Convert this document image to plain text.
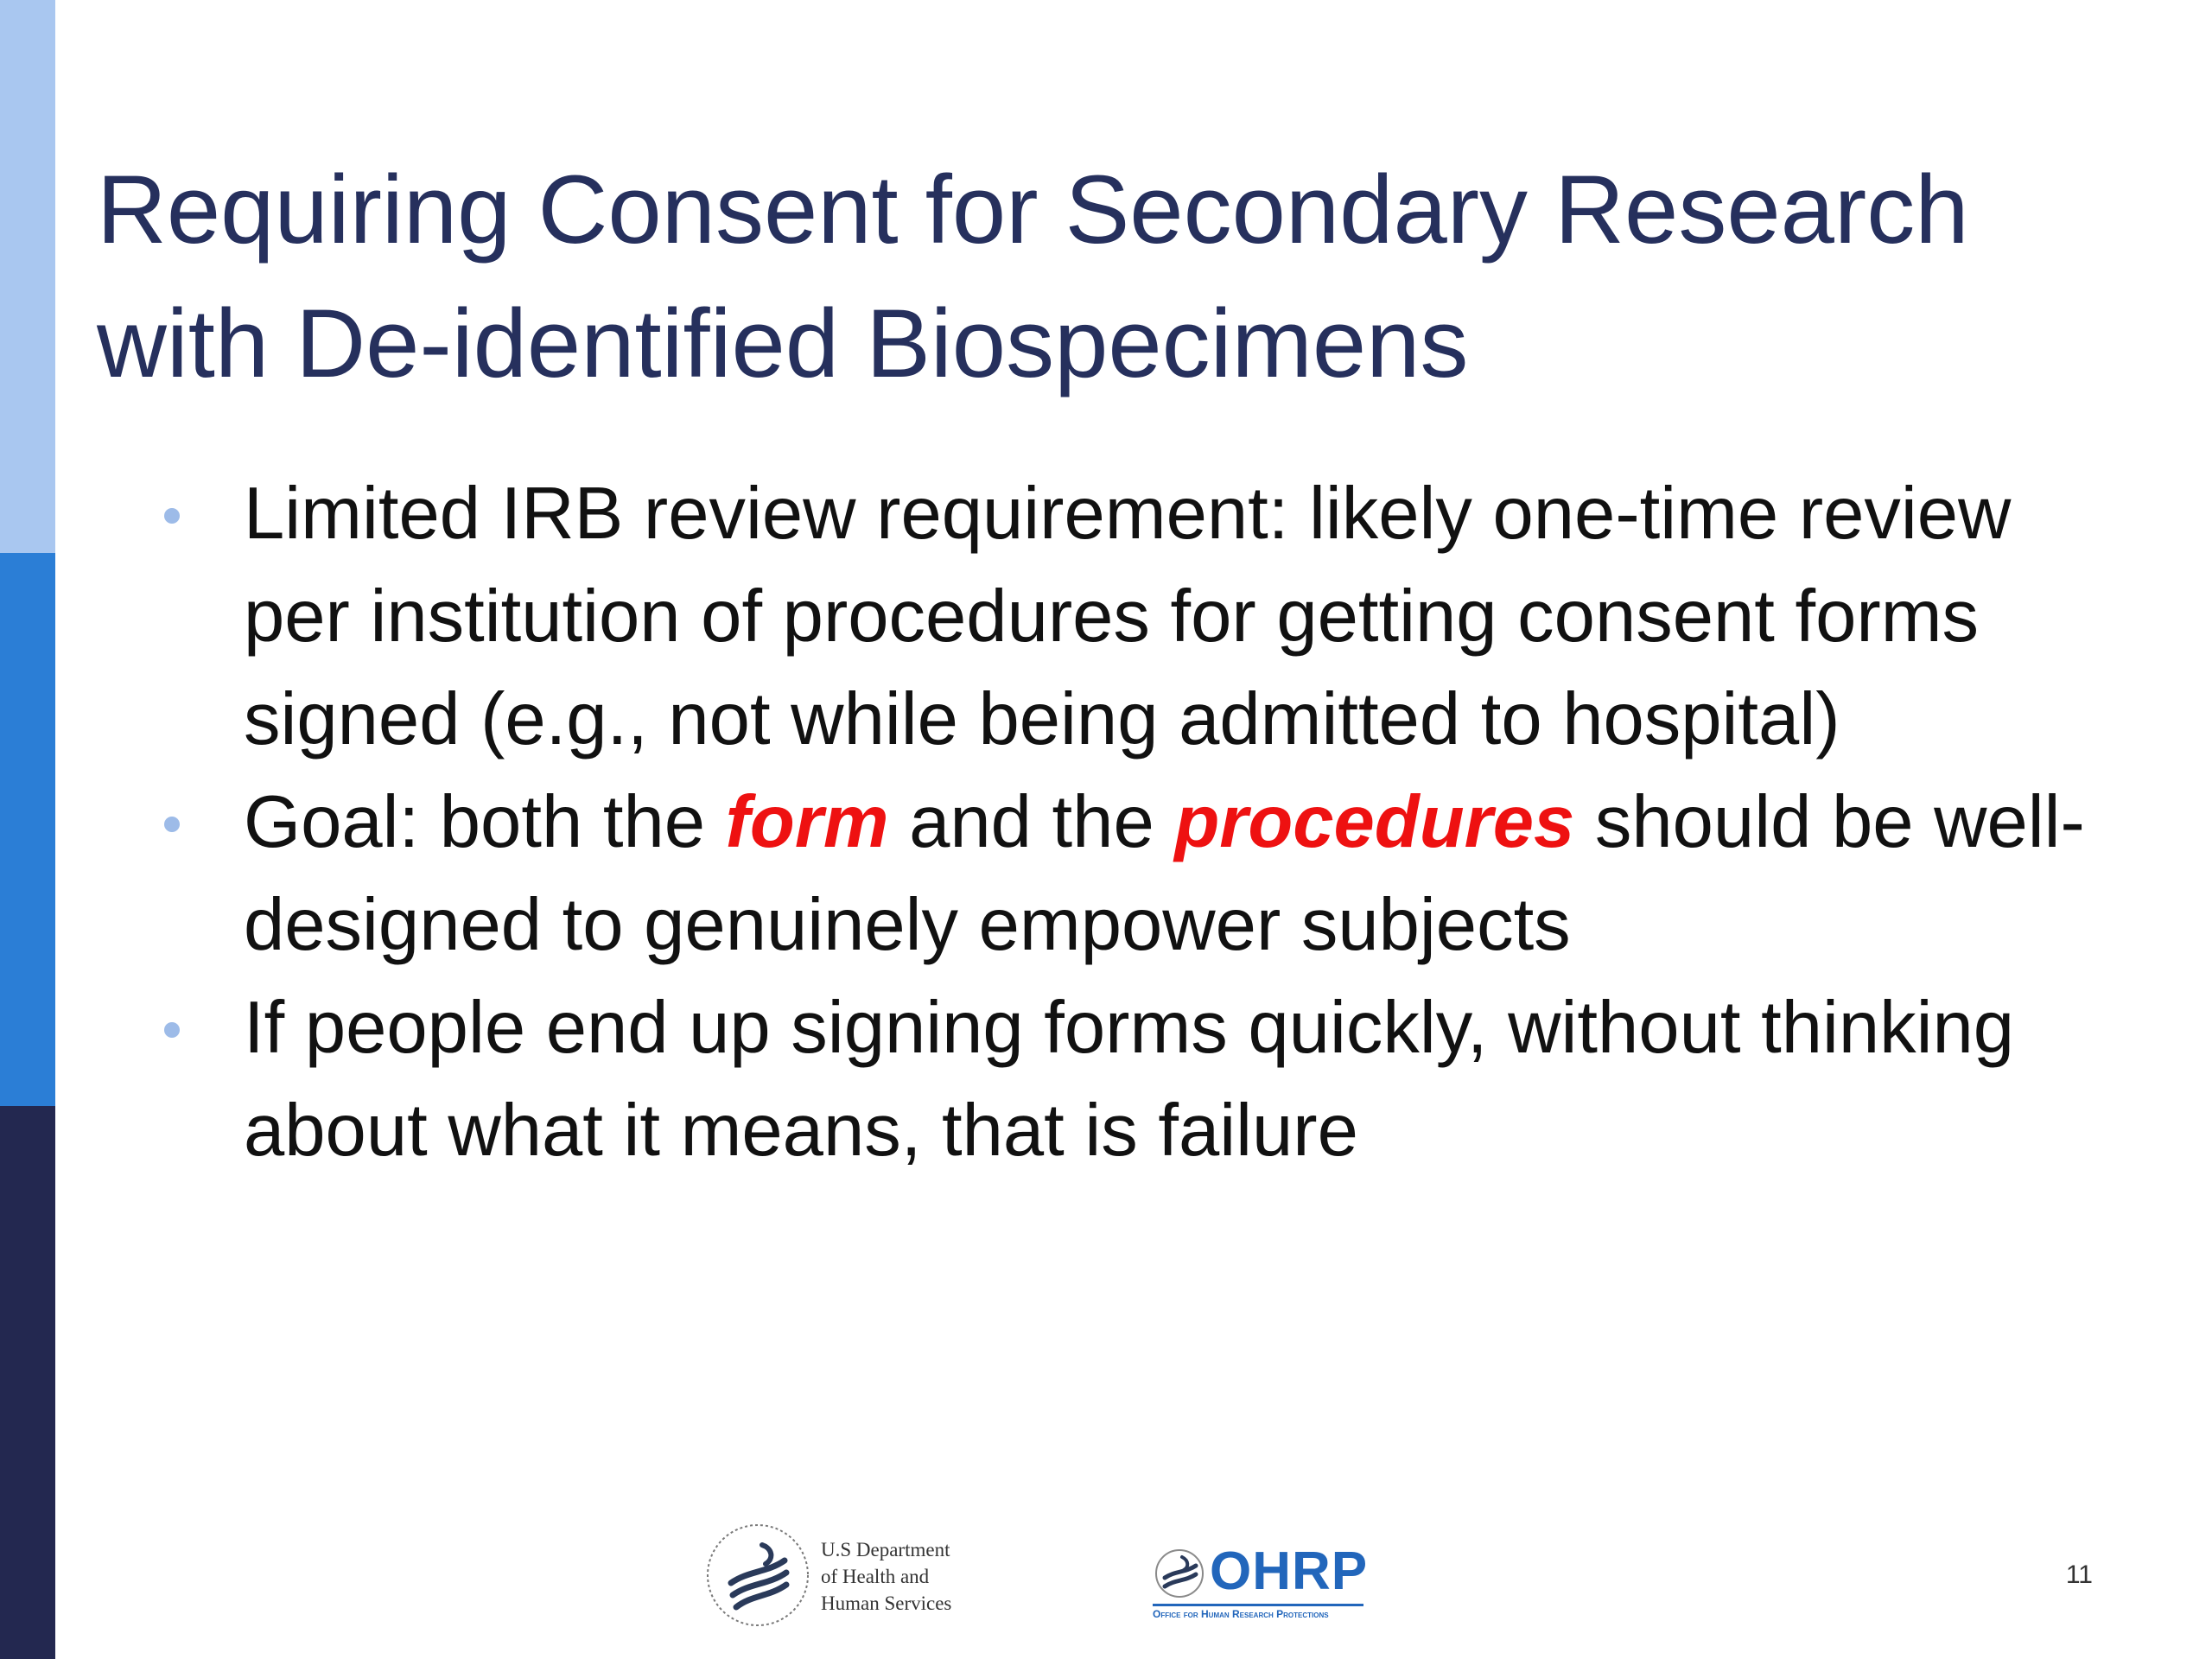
Requiring Consent for Secondary Research
with De-identified Biospecimens
Limited IRB review requirement: likely one-time review per institution of procedures for getting consent forms signed (e.g., not while being admitted to hospital)
Goal: both the form and the procedures should be well-designed to genuinely empower subjects
If people end up signing forms quickly, without thinking about what it means, that is failure
U.S Department
of Health and
Human Services
OHRP
Office for Human Research Protections
11
